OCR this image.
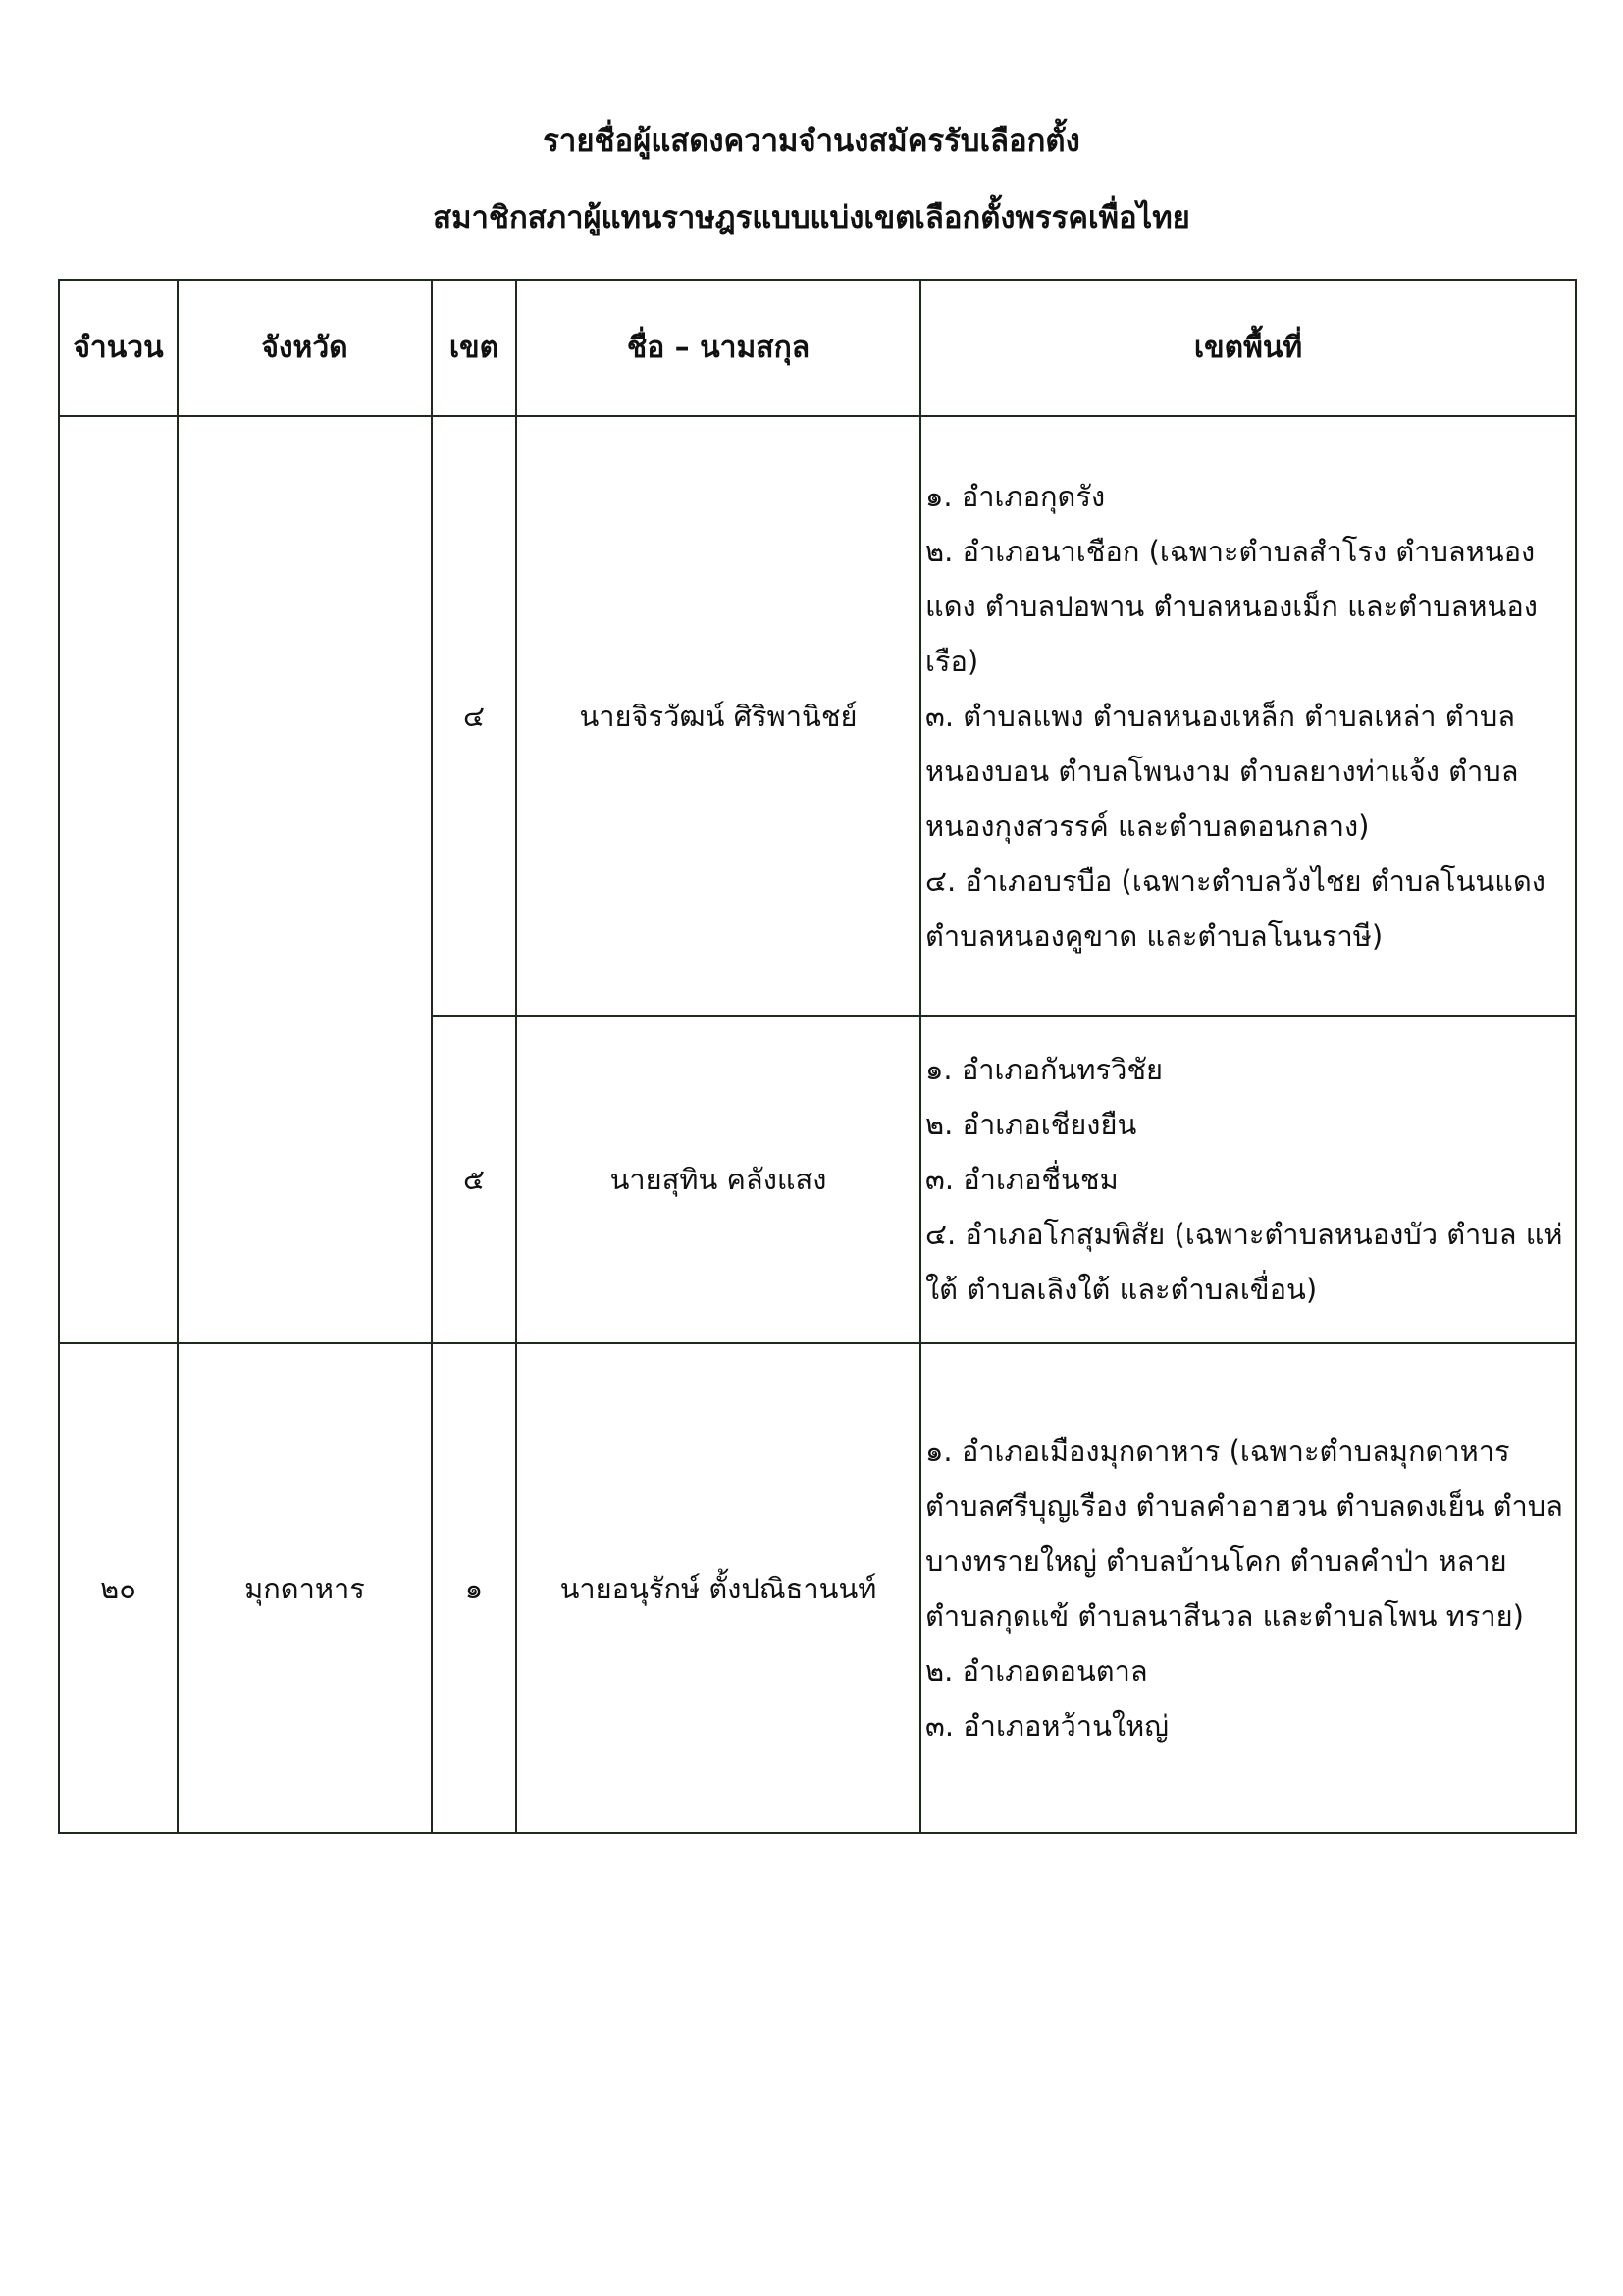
รายชื่อผู้แสดงความจำนงสมัครรับเลือกตั้ง
สมาชิกสภาผู้แทนราษฎรแบบแบ่งเขตเลือกตั้งพรรคเพื่อไทย
จำนวน	จังหวัด	เขต	ชื่อ – นามสกุล	เขตพื้นที่
		๔	นายจิรวัฒน์ ศิริพานิชย์	๑. อำเภอกุดรัง

๒. อำเภอนาเชือก (เฉพาะตำบลสำโรง ตำบลหนอง แดง ตำบลปอพาน ตำบลหนองเม็ก และตำบลหนอง เรือ)

๓. ตำบลแพง ตำบลหนองเหล็ก ตำบลเหล่า ตำบล หนองบอน ตำบลโพนงาม ตำบลยางท่าแจ้ง ตำบล หนองกุงสวรรค์ และตำบลดอนกลาง)

๔. อำเภอบรบือ (เฉพาะตำบลวังไชย ตำบลโนนแดง ตำบลหนองคูขาด และตำบลโนนราษี)

		๕	นายสุทิน คลังแสง	๑. อำเภอกันทรวิชัย

๒. อำเภอเชียงยืน

๓. อำเภอชื่นชม

๔. อำเภอโกสุมพิสัย (เฉพาะตำบลหนองบัว ตำบล แห่ใต้ ตำบลเลิงใต้ และตำบลเขื่อน)

๒๐	มุกดาหาร	๑	นายอนุรักษ์ ตั้งปณิธานนท์	๑. อำเภอเมืองมุกดาหาร (เฉพาะตำบลมุกดาหาร ตำบลศรีบุญเรือง ตำบลคำอาฮวน ตำบลดงเย็น ตำบลบางทรายใหญ่ ตำบลบ้านโคก ตำบลคำป่า หลาย ตำบลกุดแข้ ตำบลนาสีนวล และตำบลโพน ทราย)

๒. อำเภอดอนตาล

๓. อำเภอหว้านใหญ่
